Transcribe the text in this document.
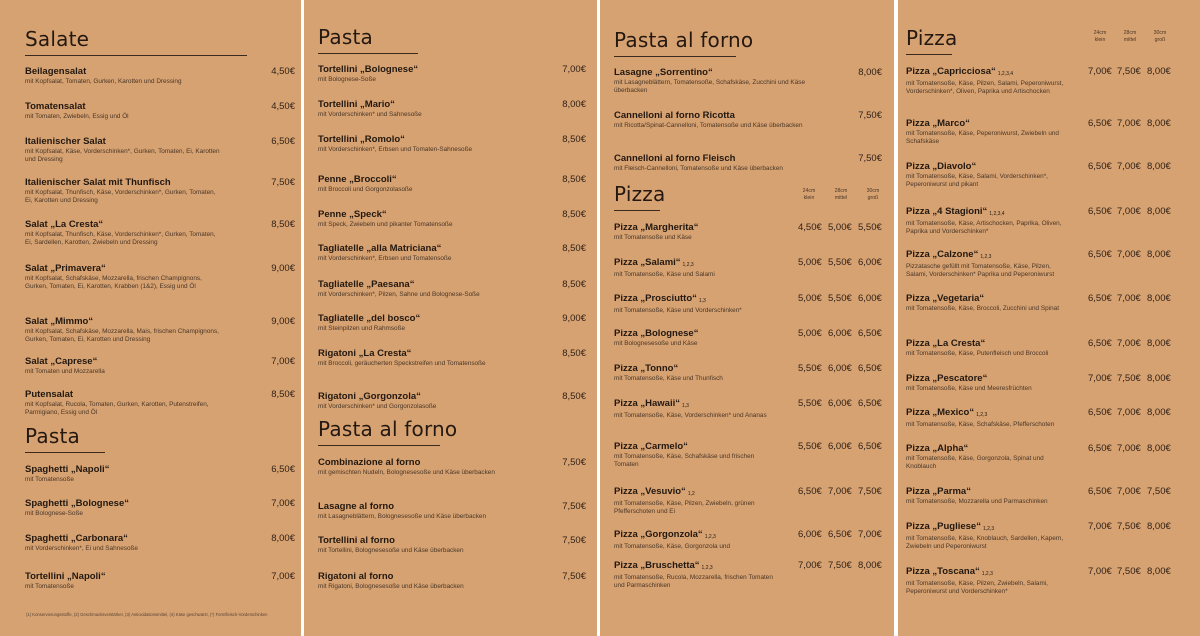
Salate
Beilagensalat
mit Kopfsalat, Tomaten, Gurken, Karotten und Dressing
4,50€
Tomatensalat
mit Tomaten, Zwiebeln, Essig und Öl
4,50€
Italienischer Salat
mit Kopfsalat, Käse, Vorderschinken*, Gurken, Tomaten, Ei, Karotten und Dressing
6,50€
Italienischer Salat mit Thunfisch
mit Kopfsalat, Thunfisch, Käse, Vorderschinken*, Gurken, Tomaten, Ei, Karotten und Dressing
7,50€
Salat „La Cresta“
mit Kopfsalat, Thunfisch, Käse, Vorderschinken*, Gurken, Tomaten, Ei, Sardellen, Karotten, Zwiebeln und Dressing
8,50€
Salat „Primavera“
mit Kopfsalat, Schafskäse, Mozzarella, frischen Champignons, Gurken, Tomaten, Ei, Karotten, Krabben (1&2), Essig und Öl
9,00€
Salat „Mimmo“
mit Kopfsalat, Schafskäse, Mozzarella, Mais, frischen Champignons, Gurken, Tomaten, Ei, Karotten und Dressing
9,00€
Salat „Caprese“
mit Tomaten und Mozzarella
7,00€
Putensalat
mit Kopfsalat, Rucola, Tomaten, Gurken, Karotten, Putenstreifen, Parmigiano, Essig und Öl
8,50€
Pasta
Spaghetti „Napoli“
mit Tomatensoße
6,50€
Spaghetti „Bolognese“
mit Bolognese-Soße
7,00€
Spaghetti „Carbonara“
mit Vorderschinken*, Ei und Sahnesoße
8,00€
Tortellini „Napoli“
mit Tomatensoße
7,00€
(1) Konservierungsstoffe, (2) Geschmacksverstärker, (3) Antioxidationsmittel, (4) Käse geschwärzt, (*) Formfleisch-Vorderschinken
Pasta
Tortellini „Bolognese“
mit Bolognese-Soße
7,00€
Tortellini „Mario“
mit Vorderschinken* und Sahnesoße
8,00€
Tortellini „Romolo“
mit Vorderschinken*, Erbsen und Tomaten-Sahnesoße
8,50€
Penne „Broccoli“
mit Broccoli und Gorgonzolasoße
8,50€
Penne „Speck“
mit Speck, Zwiebeln und pikanter Tomatensoße
8,50€
Tagliatelle „alla Matriciana“
mit Vorderschinken*, Erbsen und Tomatensoße
8,50€
Tagliatelle „Paesana“
mit Vorderschinken*, Pilzen, Sahne und Bolognese-Soße
8,50€
Tagliatelle „del bosco“
mit Steinpilzen und Rahmsoße
9,00€
Rigatoni „La Cresta“
mit Broccoli, geräucherten Speckstreifen und Tomatensoße
8,50€
Rigatoni „Gorgonzola“
mit Vorderschinken* und Gorgonzolasoße
8,50€
Pasta al forno
Combinazione al forno
mit gemischten Nudeln, Bolognesesoße und Käse überbacken
7,50€
Lasagne al forno
mit Lasagneblättern, Bolognesesoße und Käse überbacken
7,50€
Tortellini al forno
mit Tortellini, Bolognesesoße und Käse überbacken
7,50€
Rigatoni al forno
mit Rigatoni, Bolognesesoße und Käse überbacken
7,50€
Pasta al forno
Lasagne „Sorrentino“
mit Lasagneblättern, Tomatensoße, Schafskäse, Zucchini und Käse überbacken
8,00€
Cannelloni al forno Ricotta
mit Ricotta/Spinat-Cannelloni, Tomatensoße und Käse überbacken
7,50€
Cannelloni al forno Fleisch
mit Fleisch-Cannelloni, Tomatensoße und Käse überbacken
7,50€
Pizza	24cm
klein
28cm
mittel
30cm
groß
Pizza „Margherita“
mit Tomatensoße und Käse
4,50€ 5,00€ 5,50€
Pizza „Salami“ 1,2,3
mit Tomatensoße, Käse und Salami
5,00€ 5,50€ 6,00€
Pizza „Prosciutto“ 1,3
mit Tomatensoße, Käse und Vorderschinken*
5,00€ 5,50€ 6,00€
Pizza „Bolognese“
mit Bolognesesoße und Käse
5,00€ 6,00€ 6,50€
Pizza „Tonno“
mit Tomatensoße, Käse und Thunfisch
5,50€ 6,00€ 6,50€
Pizza „Hawaii“ 1,3
mit Tomatensoße, Käse, Vorderschinken* und Ananas
5,50€ 6,00€ 6,50€
Pizza „Carmelo“
mit Tomatensoße, Käse, Schafskäse und frischen Tomaten
5,50€ 6,00€ 6,50€
Pizza „Vesuvio“ 1,2
mit Tomatensoße, Käse, Pilzen, Zwiebeln, grünen Pfefferschoten und Ei
6,50€ 7,00€ 7,50€
Pizza „Gorgonzola“ 1,2,3
mit Tomatensoße, Käse, Gorgonzola und
6,00€ 6,50€ 7,00€
Pizza „Bruschetta“ 1,2,3
mit Tomatensoße, Rucola, Mozzarella, frischen Tomaten und Parmaschinken
7,00€ 7,50€ 8,00€
Pizza	24cm
klein
28cm
mittel
30cm
groß
Pizza „Capricciosa“ 1,2,3,4
mit Tomatensoße, Käse, Pilzen, Salami, Peperoniwurst, Vorderschinken*, Oliven, Paprika und Artischocken
7,00€ 7,50€ 8,00€
Pizza „Marco“
mit Tomatensoße, Käse, Peperoniwurst, Zwiebeln und Schafskäse
6,50€ 7,00€ 8,00€
Pizza „Diavolo“
mit Tomatensoße, Käse, Salami, Vorderschinken*, Peperoniwurst und pikant
6,50€ 7,00€ 8,00€
Pizza „4 Stagioni“ 1,2,3,4
mit Tomatensoße, Käse, Artischocken, Paprika, Oliven, Paprika und Vorderschinken*
6,50€ 7,00€ 8,00€
Pizza „Calzone“ 1,2,3
Pizzatasche gefüllt mit Tomatensoße, Käse, Pilzen, Salami, Vorderschinken* Paprika und Peperoniwurst
6,50€ 7,00€ 8,00€
Pizza „Vegetaria“
mit Tomatensoße, Käse, Broccoli, Zucchini und Spinat
6,50€ 7,00€ 8,00€
Pizza „La Cresta“
mit Tomatensoße, Käse, Putenfleisch und Broccoli
6,50€ 7,00€ 8,00€
Pizza „Pescatore“
mit Tomatensoße, Käse und Meeresfrüchten
7,00€ 7,50€ 8,00€
Pizza „Mexico“ 1,2,3
mit Tomatensoße, Käse, Schafskäse, Pfefferschoten
6,50€ 7,00€ 8,00€
Pizza „Alpha“
mit Tomatensoße, Käse, Gorgonzola, Spinat und Knoblauch
6,50€ 7,00€ 8,00€
Pizza „Parma“
mit Tomatensoße, Mozzarella und Parmaschinken
6,50€ 7,00€ 7,50€
Pizza „Pugliese“ 1,2,3
mit Tomatensoße, Käse, Knoblauch, Sardellen, Kapern, Zwiebeln und Peperoniwurst
7,00€ 7,50€ 8,00€
Pizza „Toscana“ 1,2,3
mit Tomatensoße, Käse, Pilzen, Zwiebeln, Salami, Peperoniwurst und Vorderschinken*
7,00€ 7,50€ 8,00€
